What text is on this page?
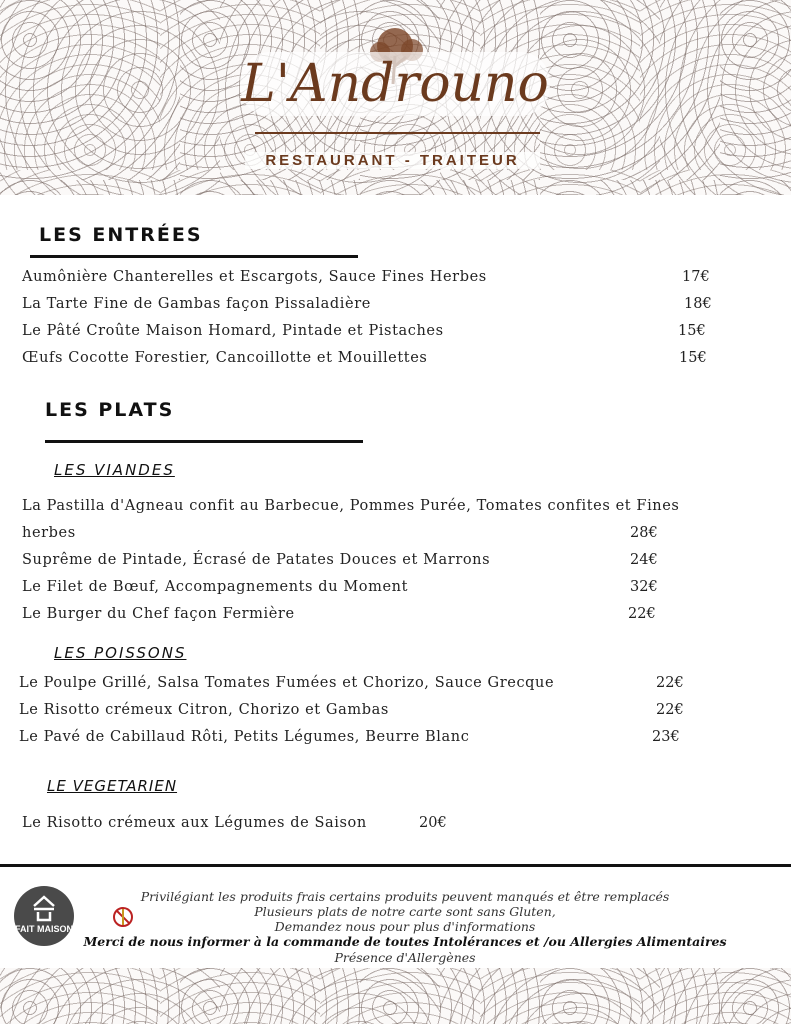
L'Androuno
RESTAURANT - TRAITEUR
LES ENTRÉES
Aumônière Chanterelles et Escargots, Sauce Fines Herbes	17€
La Tarte Fine de Gambas façon Pissaladière	18€
Le Pâté Croûte Maison Homard, Pintade et Pistaches	15€
Œufs Cocotte Forestier, Cancoillotte et Mouillettes	15€
LES PLATS
LES VIANDES
La Pastilla d'Agneau confit au Barbecue, Pommes Purée, Tomates confites et Fines
herbes	28€
Suprême de Pintade, Écrasé de Patates Douces et Marrons	24€
Le Filet de Bœuf, Accompagnements du Moment	32€
Le Burger du Chef façon Fermière	22€
LES POISSONS
Le Poulpe Grillé, Salsa Tomates Fumées et Chorizo, Sauce Grecque	22€
Le Risotto crémeux Citron, Chorizo et Gambas	22€
Le Pavé de Cabillaud Rôti, Petits Légumes, Beurre Blanc	23€
LE VEGETARIEN
Le Risotto crémeux aux Légumes de Saison	20€
FAIT MAISON
Privilégiant les produits frais certains produits peuvent manqués et être remplacés
Plusieurs plats de notre carte sont sans Gluten,
Demandez nous pour plus d'informations
Merci de nous informer à la commande de toutes Intolérances et /ou Allergies Alimentaires
Présence d'Allergènes
